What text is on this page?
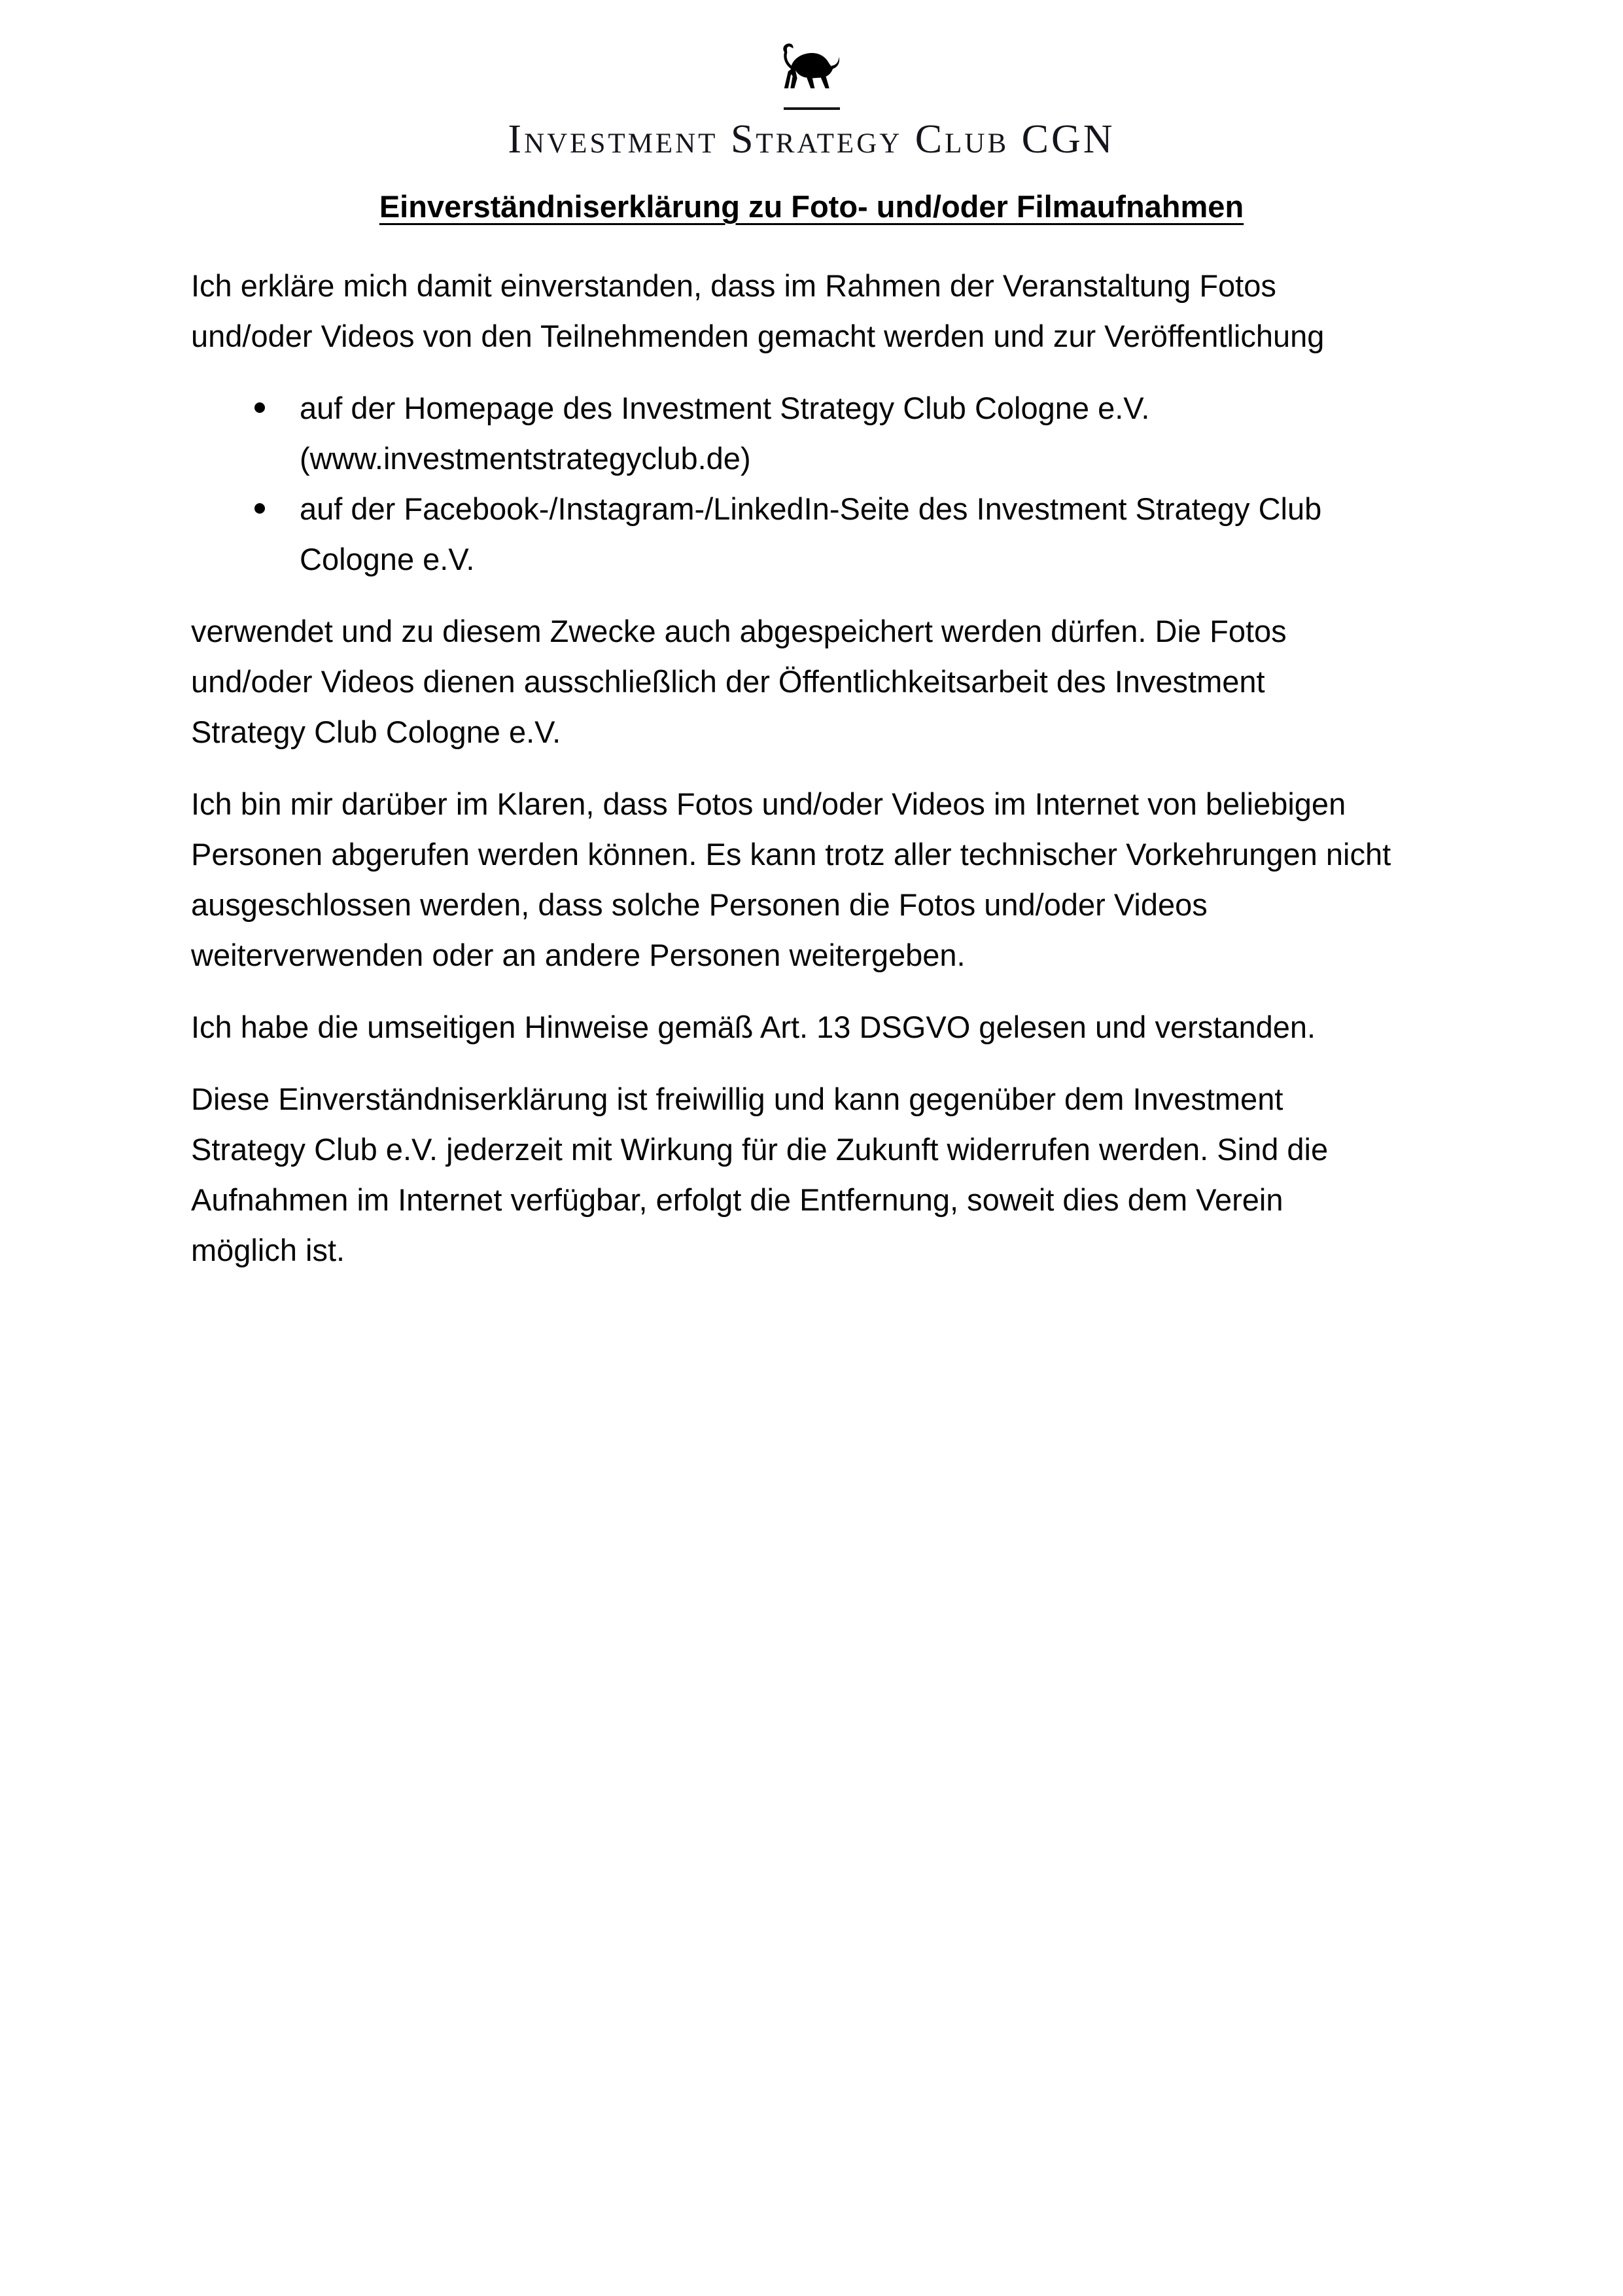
Investment Strategy Club CGN
Einverständniserklärung zu Foto- und/oder Filmaufnahmen
Ich erkläre mich damit einverstanden, dass im Rahmen der Veranstaltung Fotos
und/oder Videos von den Teilnehmenden gemacht werden und zur Veröffentlichung
auf der Homepage des Investment Strategy Club Cologne e.V.
(www.investmentstrategyclub.de)
auf der Facebook-/Instagram-/LinkedIn-Seite des Investment Strategy Club
Cologne e.V.
verwendet und zu diesem Zwecke auch abgespeichert werden dürfen. Die Fotos
und/oder Videos dienen ausschließlich der Öffentlichkeitsarbeit des Investment
Strategy Club Cologne e.V.
Ich bin mir darüber im Klaren, dass Fotos und/oder Videos im Internet von beliebigen
Personen abgerufen werden können. Es kann trotz aller technischer Vorkehrungen nicht
ausgeschlossen werden, dass solche Personen die Fotos und/oder Videos
weiterverwenden oder an andere Personen weitergeben.
Ich habe die umseitigen Hinweise gemäß Art. 13 DSGVO gelesen und verstanden.
Diese Einverständniserklärung ist freiwillig und kann gegenüber dem Investment
Strategy Club e.V. jederzeit mit Wirkung für die Zukunft widerrufen werden. Sind die
Aufnahmen im Internet verfügbar, erfolgt die Entfernung, soweit dies dem Verein
möglich ist.
